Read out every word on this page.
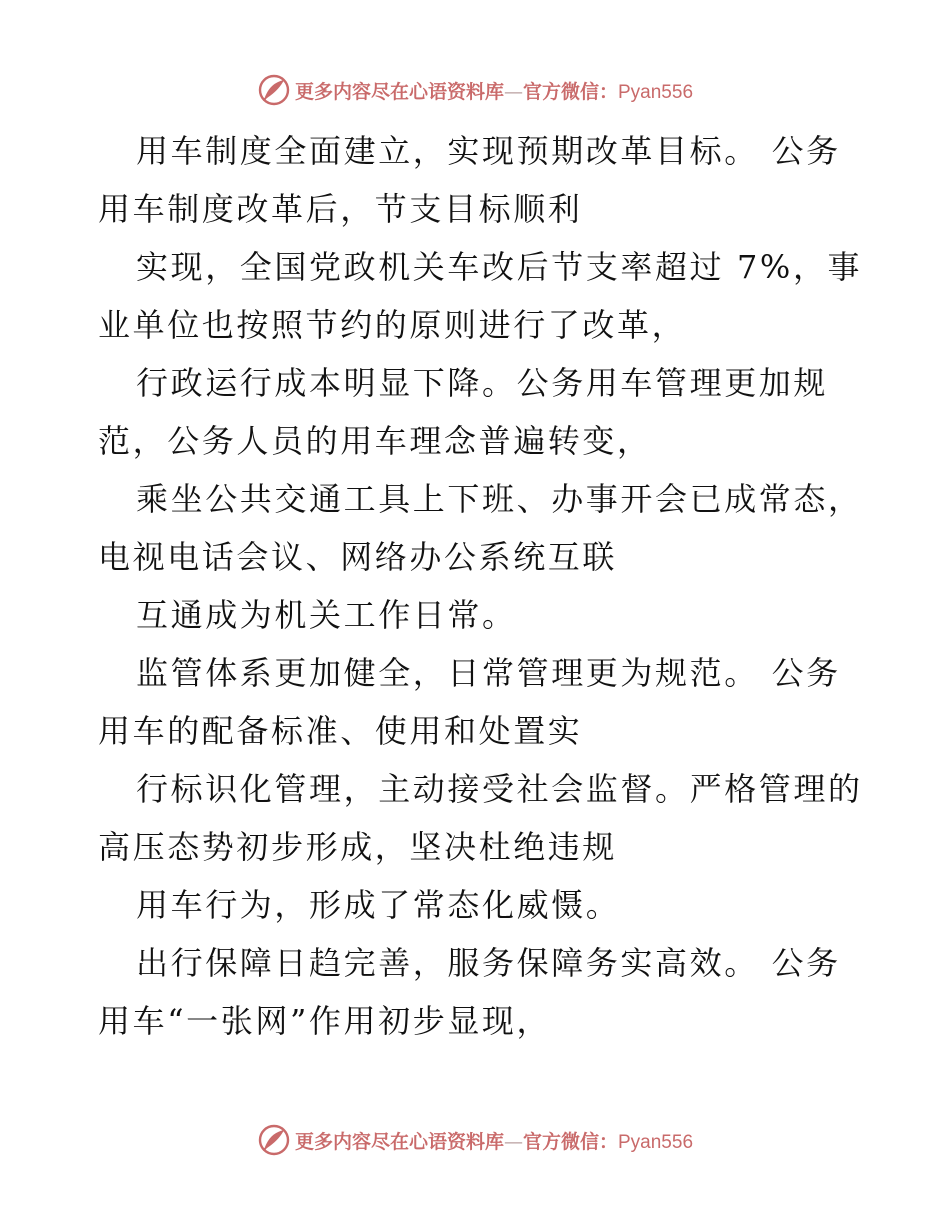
更多内容尽在心语资料库—官方微信：Pyan556
用车制度全面建立，实现预期改革目标。 公务
用车制度改革后，节支目标顺利
实现，全国党政机关车改后节支率超过 7%，事
业单位也按照节约的原则进行了改革，
行政运行成本明显下降。公务用车管理更加规
范，公务人员的用车理念普遍转变，
乘坐公共交通工具上下班、办事开会已成常态，
电视电话会议、网络办公系统互联
互通成为机关工作日常。
监管体系更加健全，日常管理更为规范。 公务
用车的配备标准、使用和处置实
行标识化管理，主动接受社会监督。严格管理的
高压态势初步形成，坚决杜绝违规
用车行为，形成了常态化威慑。
出行保障日趋完善，服务保障务实高效。 公务
用车“一张网”作用初步显现，
更多内容尽在心语资料库—官方微信：Pyan556
